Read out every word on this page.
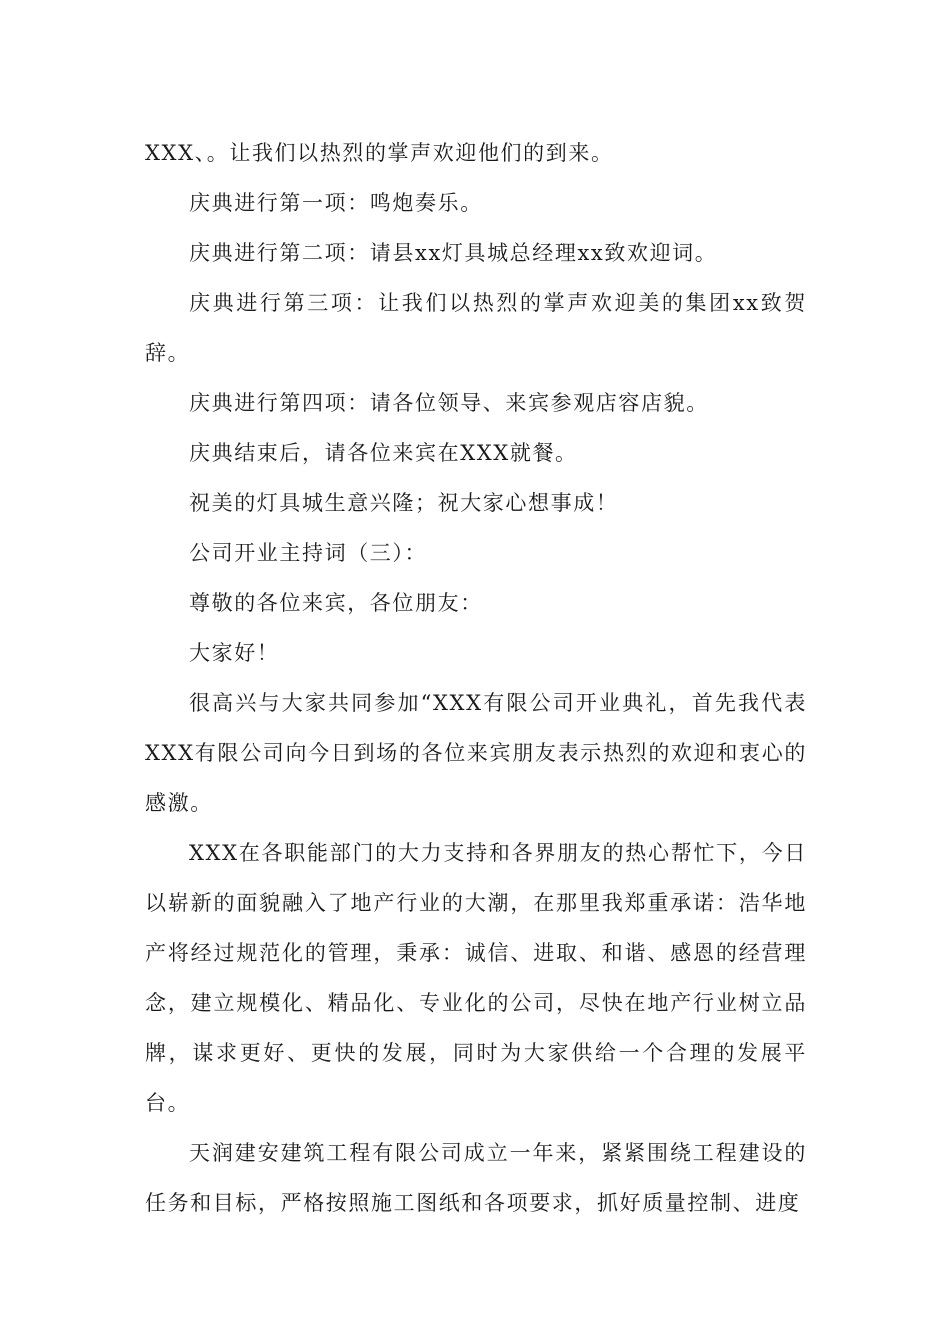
XXX、。让我们以热烈的掌声欢迎他们的到来。

庆典进行第一项：鸣炮奏乐。

庆典进行第二项：请县xx灯具城总经理xx致欢迎词。

庆典进行第三项：让我们以热烈的掌声欢迎美的集团xx致贺辞。

庆典进行第四项：请各位领导、来宾参观店容店貌。

庆典结束后，请各位来宾在XXX就餐。

祝美的灯具城生意兴隆；祝大家心想事成！

公司开业主持词（三）：

尊敬的各位来宾，各位朋友：

大家好！

很高兴与大家共同参加“XXX有限公司开业典礼，首先我代表XXX有限公司向今日到场的各位来宾朋友表示热烈的欢迎和衷心的感激。

XXX在各职能部门的大力支持和各界朋友的热心帮忙下，今日以崭新的面貌融入了地产行业的大潮，在那里我郑重承诺：浩华地产将经过规范化的管理，秉承：诚信、进取、和谐、感恩的经营理念，建立规模化、精品化、专业化的公司，尽快在地产行业树立品牌，谋求更好、更快的发展，同时为大家供给一个合理的发展平台。

天润建安建筑工程有限公司成立一年来，紧紧围绕工程建设的任务和目标，严格按照施工图纸和各项要求，抓好质量控制、进度
